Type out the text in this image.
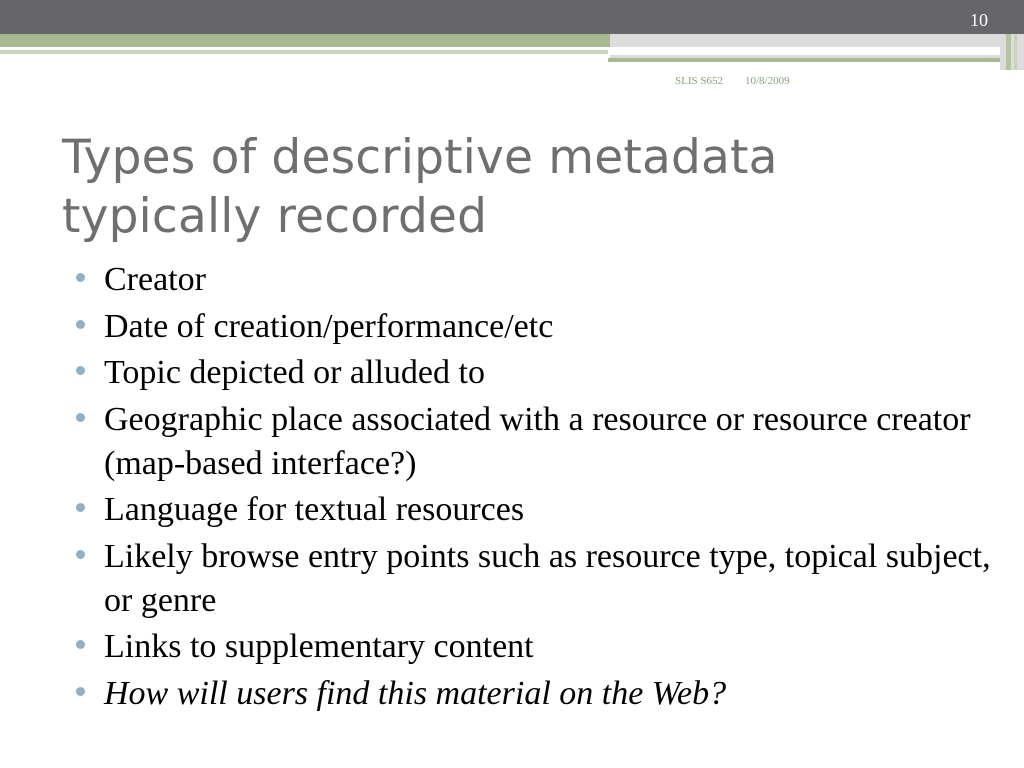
10
SLIS S652 10/8/2009
Types of descriptive metadata typically recorded
Creator
Date of creation/performance/etc
Topic depicted or alluded to
Geographic place associated with a resource or resource creator (map-based interface?)
Language for textual resources
Likely browse entry points such as resource type, topical subject, or genre
Links to supplementary content
How will users find this material on the Web?
